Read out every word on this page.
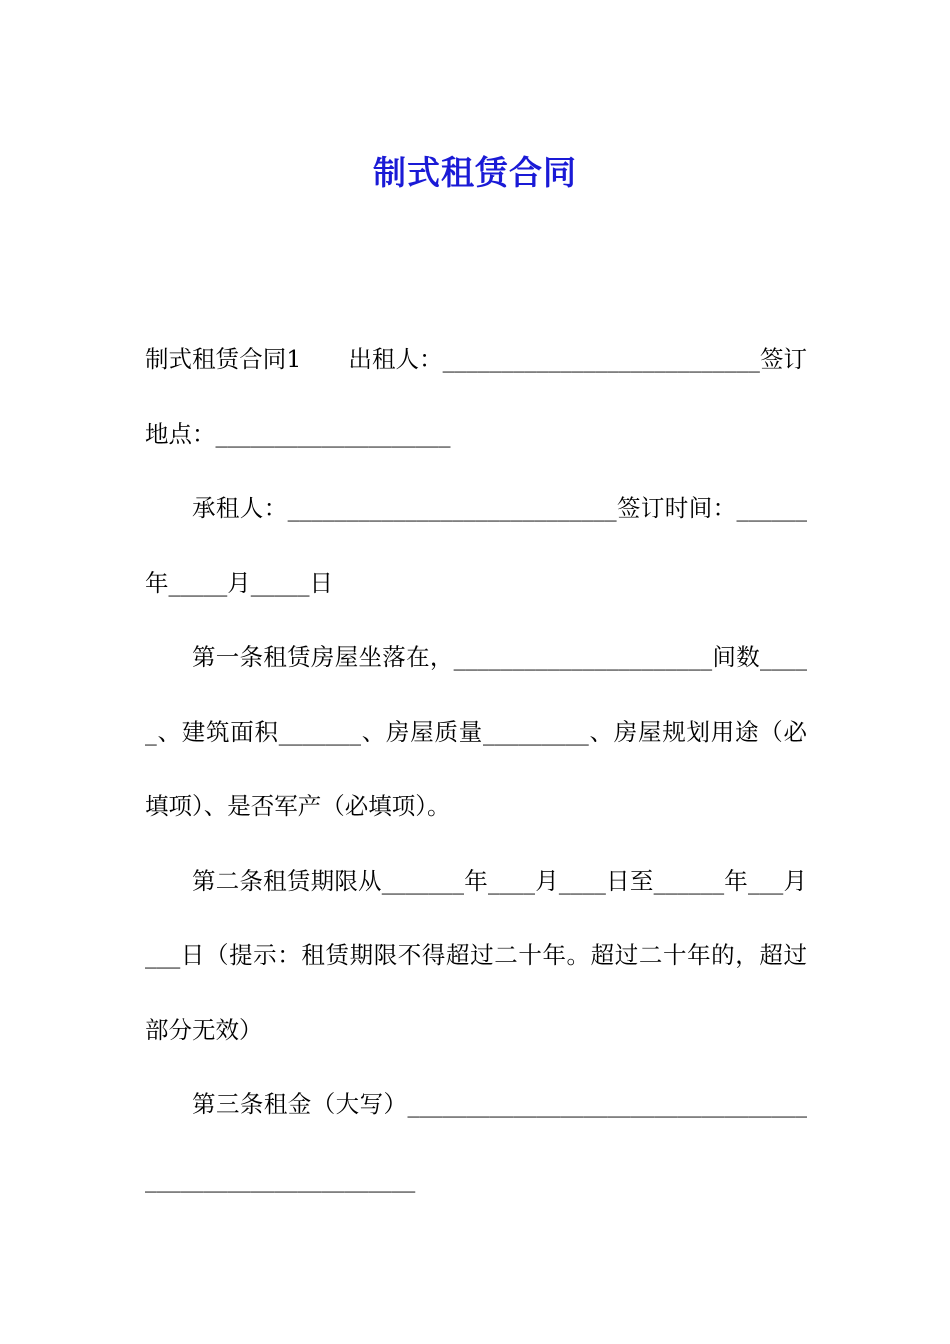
制式租赁合同

制式租赁合同1　　出租人：___________________________签订地点：____________________

承租人：____________________________签订时间：______年_____月_____日

第一条租赁房屋坐落在，______________________间数_____、建筑面积_______、房屋质量_________、房屋规划用途（必填项）、是否军产（必填项）。

第二条租赁期限从_______年____月____日至______年___月___日（提示：租赁期限不得超过二十年。超过二十年的，超过部分无效）

第三条租金（大写）_________________________________________________________
